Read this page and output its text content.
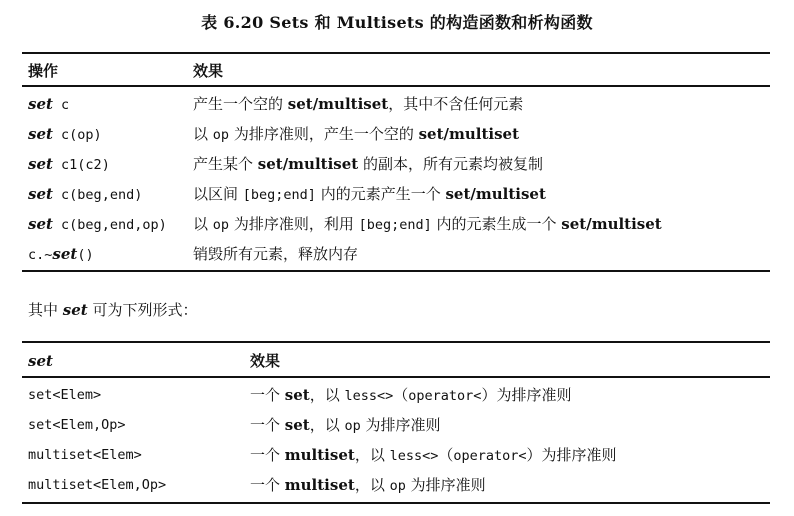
表 6.20 Sets 和 Multisets 的构造函数和析构函数
操作	效果
set c	产生一个空的 set/multiset，其中不含任何元素
set c(op)	以 op 为排序准则，产生一个空的 set/multiset
set c1(c2)	产生某个 set/multiset 的副本，所有元素均被复制
set c(beg,end)	以区间 [beg;end] 内的元素产生一个 set/multiset
set c(beg,end,op) 以 op 为排序准则，利用 [beg;end] 内的元素生成一个 set/multiset
c.~set()	销毁所有元素，释放内存
其中 set 可为下列形式：
set	效果
set<Elem>	一个 set，以 less<>（operator<）为排序准则
set<Elem,Op>	一个 set，以 op 为排序准则
multiset<Elem>	一个 multiset，以 less<>（operator<）为排序准则
multiset<Elem,Op>	一个 multiset，以 op 为排序准则
